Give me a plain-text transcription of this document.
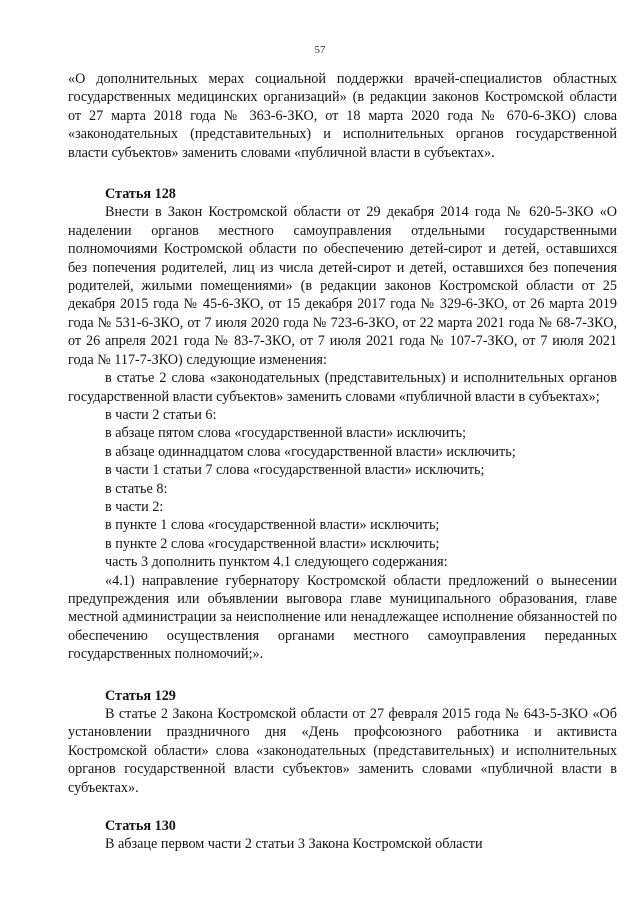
57

«О дополнительных мерах социальной поддержки врачей-специалистов областных государственных медицинских организаций» (в редакции законов Костромской области от 27 марта 2018 года № 363-6-ЗКО, от 18 марта 2020 года № 670-6-ЗКО) слова «законодательных (представительных) и исполнительных органов государственной власти субъектов» заменить словами «публичной власти в субъектах».

Статья 128

Внести в Закон Костромской области от 29 декабря 2014 года № 620-5-ЗКО «О наделении органов местного самоуправления отдельными государственными полномочиями Костромской области по обеспечению детей-сирот и детей, оставшихся без попечения родителей, лиц из числа детей-сирот и детей, оставшихся без попечения родителей, жилыми помещениями» (в редакции законов Костромской области от 25 декабря 2015 года № 45-6-ЗКО, от 15 декабря 2017 года № 329-6-ЗКО, от 26 марта 2019 года № 531-6-ЗКО, от 7 июля 2020 года № 723-6-ЗКО, от 22 марта 2021 года № 68-7-ЗКО, от 26 апреля 2021 года № 83-7-ЗКО, от 7 июля 2021 года № 107-7-ЗКО, от 7 июля 2021 года № 117-7-ЗКО) следующие изменения:

в статье 2 слова «законодательных (представительных) и исполнительных органов государственной власти субъектов» заменить словами «публичной власти в субъектах»;

в части 2 статьи 6:

в абзаце пятом слова «государственной власти» исключить;

в абзаце одиннадцатом слова «государственной власти» исключить;

в части 1 статьи 7 слова «государственной власти» исключить;

в статье 8:

в части 2:

в пункте 1 слова «государственной власти» исключить;

в пункте 2 слова «государственной власти» исключить;

часть 3 дополнить пунктом 4.1 следующего содержания:

«4.1) направление губернатору Костромской области предложений о вынесении предупреждения или объявлении выговора главе муниципального образования, главе местной администрации за неисполнение или ненадлежащее исполнение обязанностей по обеспечению осуществления органами местного самоуправления переданных государственных полномочий;».

Статья 129

В статье 2 Закона Костромской области от 27 февраля 2015 года № 643-5-ЗКО «Об установлении праздничного дня «День профсоюзного работника и активиста Костромской области» слова «законодательных (представительных) и исполнительных органов государственной власти субъектов» заменить словами «публичной власти в субъектах».

Статья 130

В абзаце первом части 2 статьи 3 Закона Костромской области
